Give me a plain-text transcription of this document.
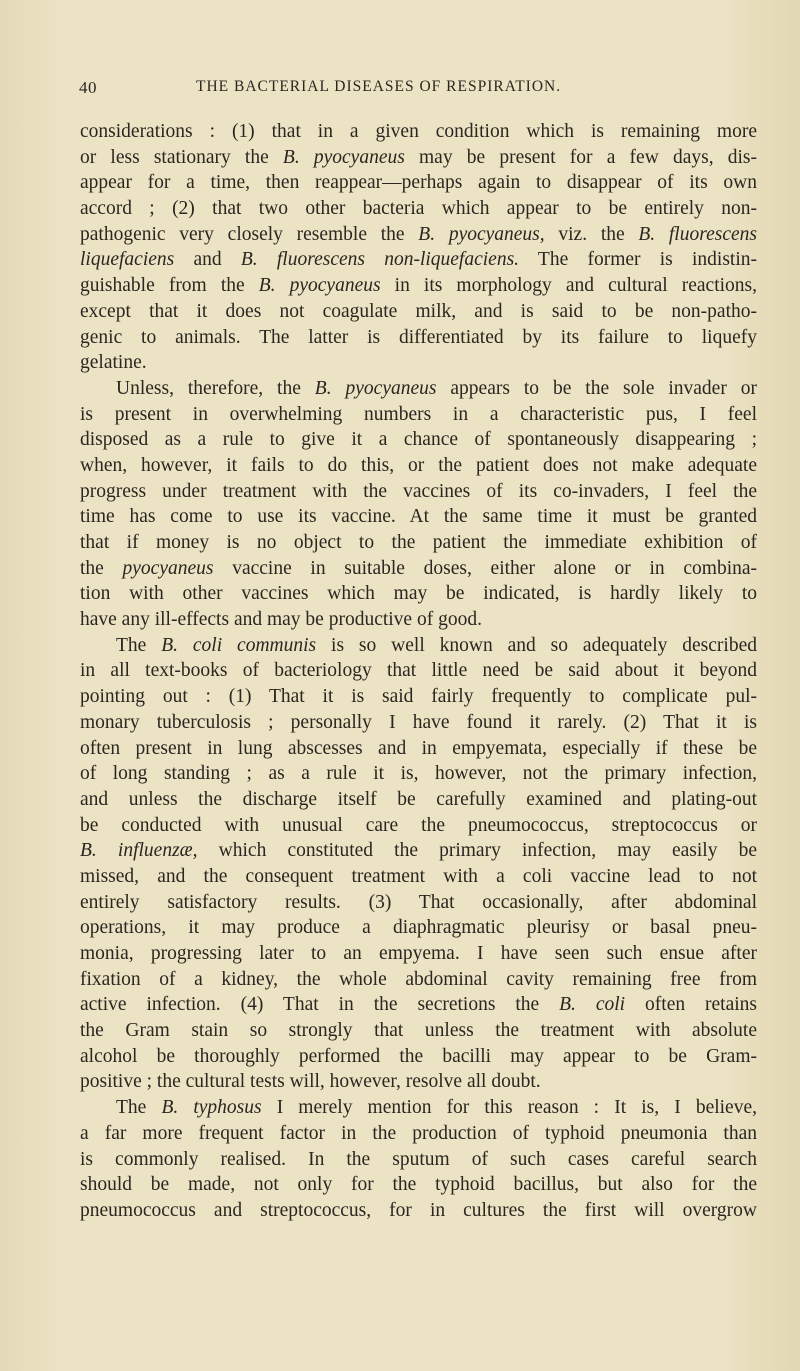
40	THE BACTERIAL DISEASES OF RESPIRATION.
considerations : (1) that in a given condition which is remaining more
or less stationary the B. pyocyaneus may be present for a few days, dis-
appear for a time, then reappear—perhaps again to disappear of its own
accord ; (2) that two other bacteria which appear to be entirely non-
pathogenic very closely resemble the B. pyocyaneus, viz. the B. fluorescens
liquefaciens and B. fluorescens non-liquefaciens. The former is indistin-
guishable from the B. pyocyaneus in its morphology and cultural reactions,
except that it does not coagulate milk, and is said to be non-patho-
genic to animals. The latter is differentiated by its failure to liquefy
gelatine.
Unless, therefore, the B. pyocyaneus appears to be the sole invader or
is present in overwhelming numbers in a characteristic pus, I feel
disposed as a rule to give it a chance of spontaneously disappearing ;
when, however, it fails to do this, or the patient does not make adequate
progress under treatment with the vaccines of its co-invaders, I feel the
time has come to use its vaccine. At the same time it must be granted
that if money is no object to the patient the immediate exhibition of
the pyocyaneus vaccine in suitable doses, either alone or in combina-
tion with other vaccines which may be indicated, is hardly likely to
have any ill-effects and may be productive of good.
The B. coli communis is so well known and so adequately described
in all text-books of bacteriology that little need be said about it beyond
pointing out : (1) That it is said fairly frequently to complicate pul-
monary tuberculosis ; personally I have found it rarely. (2) That it is
often present in lung abscesses and in empyemata, especially if these be
of long standing ; as a rule it is, however, not the primary infection,
and unless the discharge itself be carefully examined and plating-out
be conducted with unusual care the pneumococcus, streptococcus or
B. influenzæ, which constituted the primary infection, may easily be
missed, and the consequent treatment with a coli vaccine lead to not
entirely satisfactory results. (3) That occasionally, after abdominal
operations, it may produce a diaphragmatic pleurisy or basal pneu-
monia, progressing later to an empyema. I have seen such ensue after
fixation of a kidney, the whole abdominal cavity remaining free from
active infection. (4) That in the secretions the B. coli often retains
the Gram stain so strongly that unless the treatment with absolute
alcohol be thoroughly performed the bacilli may appear to be Gram-
positive ; the cultural tests will, however, resolve all doubt.
The B. typhosus I merely mention for this reason : It is, I believe,
a far more frequent factor in the production of typhoid pneumonia than
is commonly realised. In the sputum of such cases careful search
should be made, not only for the typhoid bacillus, but also for the
pneumococcus and streptococcus, for in cultures the first will overgrow
